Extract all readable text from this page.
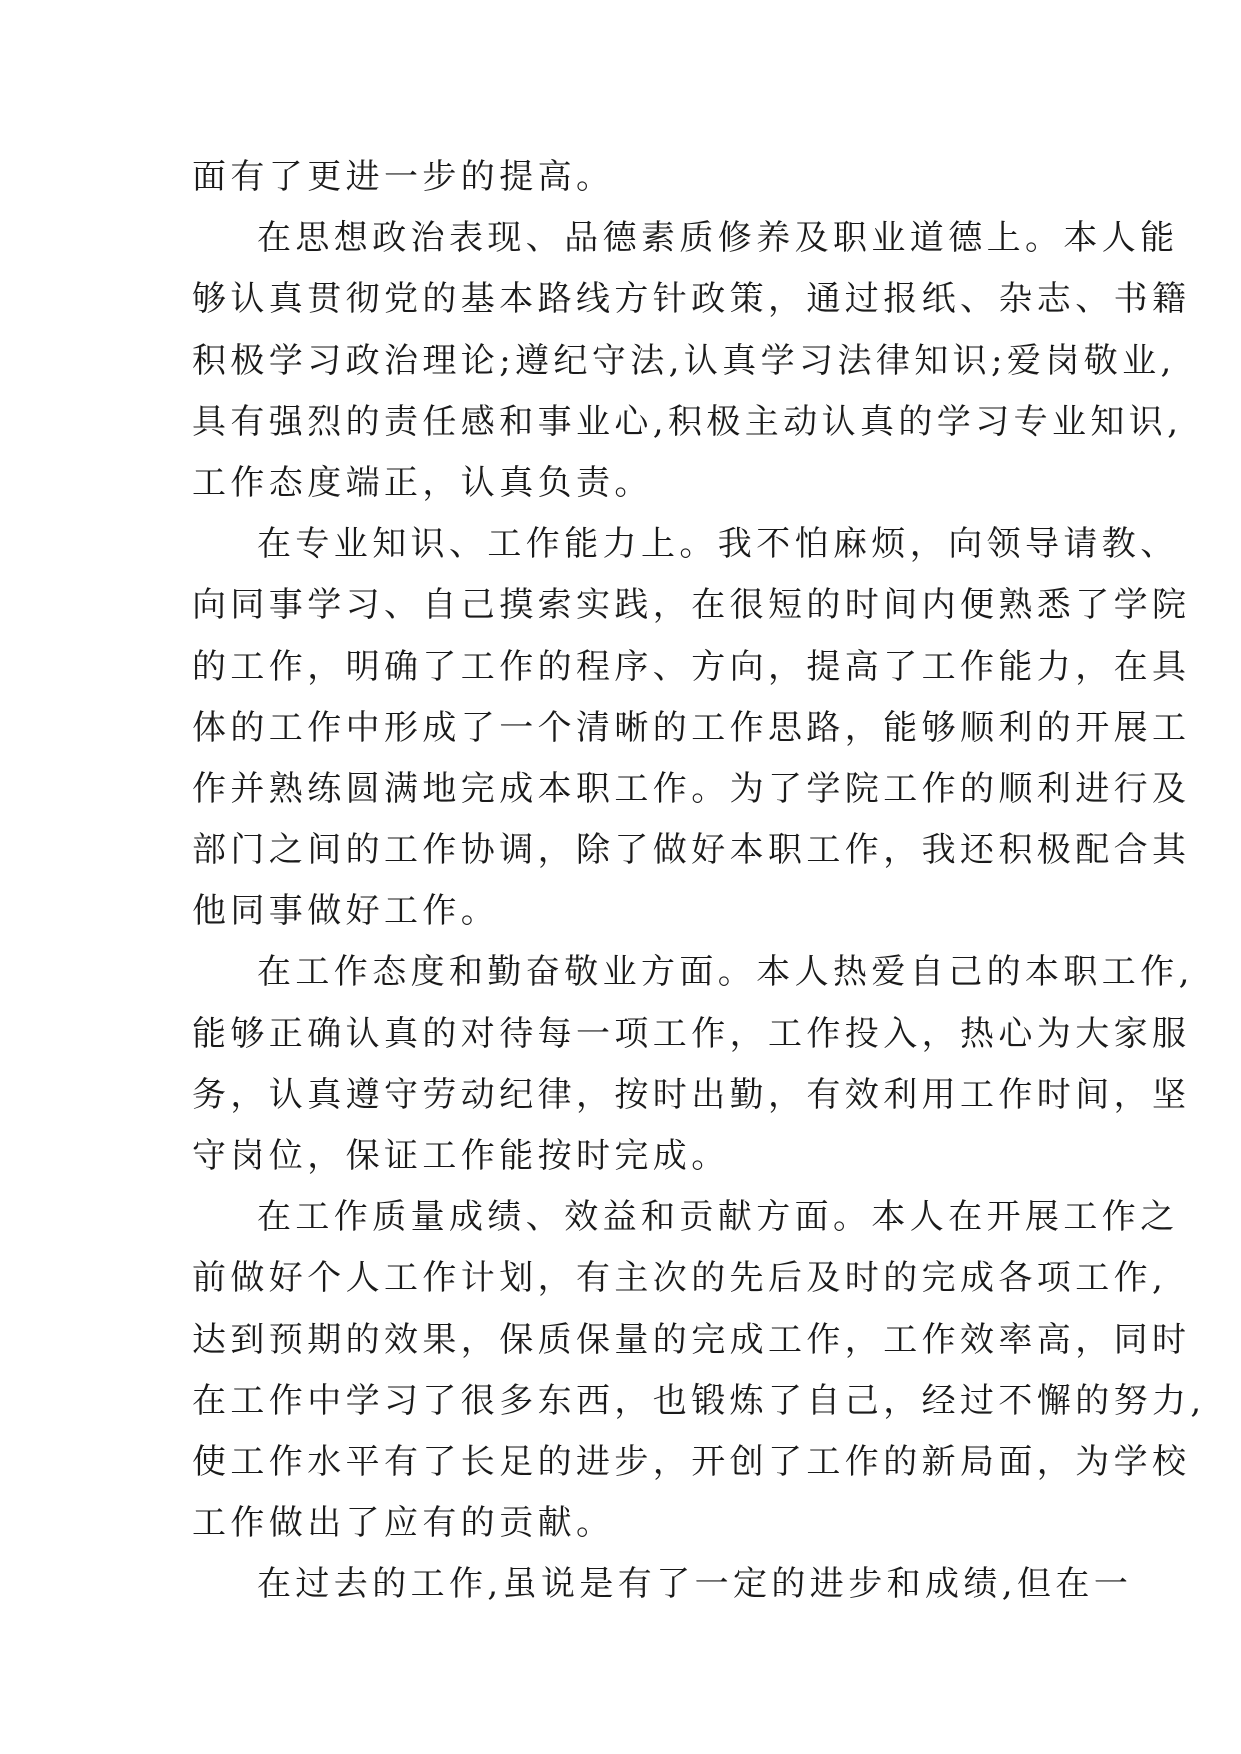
面有了更进一步的提高。
在思想政治表现、品德素质修养及职业道德上。本人能
够认真贯彻党的基本路线方针政策，通过报纸、杂志、书籍
积极学习政治理论;遵纪守法,认真学习法律知识;爱岗敬业,
具有强烈的责任感和事业心,积极主动认真的学习专业知识,
工作态度端正，认真负责。
在专业知识、工作能力上。我不怕麻烦，向领导请教、
向同事学习、自己摸索实践，在很短的时间内便熟悉了学院
的工作，明确了工作的程序、方向，提高了工作能力，在具
体的工作中形成了一个清晰的工作思路，能够顺利的开展工
作并熟练圆满地完成本职工作。为了学院工作的顺利进行及
部门之间的工作协调，除了做好本职工作，我还积极配合其
他同事做好工作。
在工作态度和勤奋敬业方面。本人热爱自己的本职工作,
能够正确认真的对待每一项工作，工作投入，热心为大家服
务，认真遵守劳动纪律，按时出勤，有效利用工作时间，坚
守岗位，保证工作能按时完成。
在工作质量成绩、效益和贡献方面。本人在开展工作之
前做好个人工作计划，有主次的先后及时的完成各项工作,
达到预期的效果，保质保量的完成工作，工作效率高，同时
在工作中学习了很多东西，也锻炼了自己，经过不懈的努力,
使工作水平有了长足的进步，开创了工作的新局面，为学校
工作做出了应有的贡献。
在过去的工作,虽说是有了一定的进步和成绩,但在一
